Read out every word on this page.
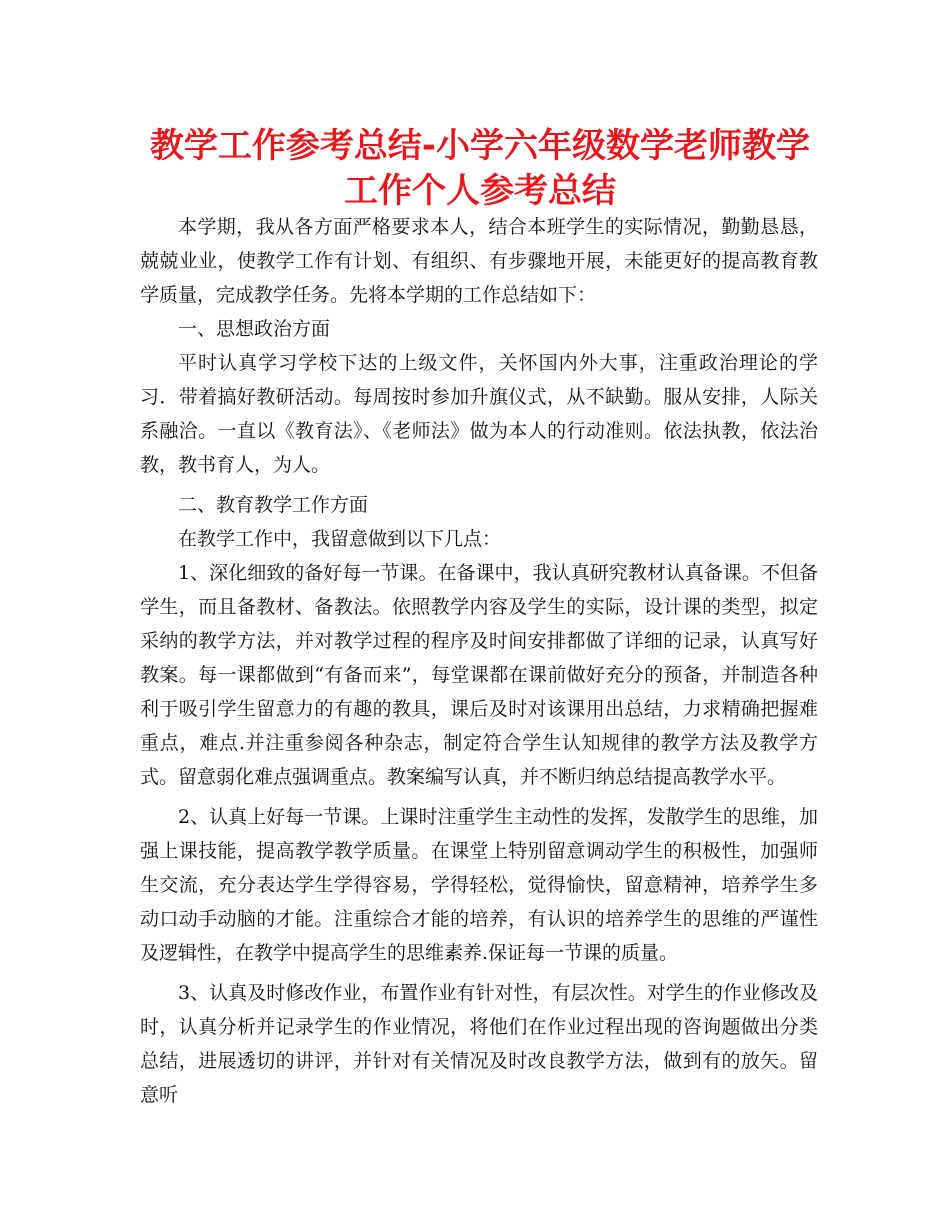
教学工作参考总结-小学六年级数学老师教学工作个人参考总结

本学期，我从各方面严格要求本人，结合本班学生的实际情况，勤勤恳恳，兢兢业业，使教学工作有计划、有组织、有步骤地开展，未能更好的提高教育教学质量，完成教学任务。先将本学期的工作总结如下：

一、思想政治方面

平时认真学习学校下达的上级文件，关怀国内外大事，注重政治理论的学习．带着搞好教研活动。每周按时参加升旗仪式，从不缺勤。服从安排，人际关系融洽。一直以《教育法》、《老师法》做为本人的行动准则。依法执教，依法治教，教书育人，为人。

二、教育教学工作方面

在教学工作中，我留意做到以下几点：

1、深化细致的备好每一节课。在备课中，我认真研究教材认真备课。不但备学生，而且备教材、备教法。依照教学内容及学生的实际，设计课的类型，拟定采纳的教学方法，并对教学过程的程序及时间安排都做了详细的记录，认真写好教案。每一课都做到“有备而来”，每堂课都在课前做好充分的预备，并制造各种利于吸引学生留意力的有趣的教具，课后及时对该课用出总结，力求精确把握难重点，难点.并注重参阅各种杂志，制定符合学生认知规律的教学方法及教学方式。留意弱化难点强调重点。教案编写认真，并不断归纳总结提高教学水平。

2、认真上好每一节课。上课时注重学生主动性的发挥，发散学生的思维，加强上课技能，提高教学教学质量。在课堂上特别留意调动学生的积极性，加强师生交流，充分表达学生学得容易，学得轻松，觉得愉快，留意精神，培养学生多动口动手动脑的才能。注重综合才能的培养，有认识的培养学生的思维的严谨性及逻辑性，在教学中提高学生的思维素养.保证每一节课的质量。

3、认真及时修改作业，布置作业有针对性，有层次性。对学生的作业修改及时，认真分析并记录学生的作业情况，将他们在作业过程出现的咨询题做出分类总结，进展透切的讲评，并针对有关情况及时改良教学方法，做到有的放矢。留意听
